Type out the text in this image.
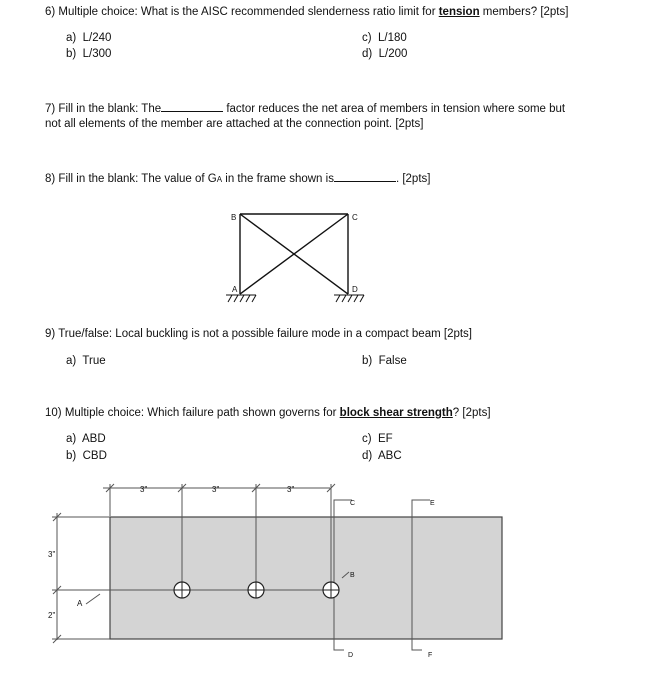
6) Multiple choice: What is the AISC recommended slenderness ratio limit for tension members? [2pts]
a) L/240
b) L/300
c) L/180
d) L/200
7) Fill in the blank: The	factor reduces the net area of members in tension where some but
not all elements of the member are attached at the connection point. [2pts]
8) Fill in the blank: The value of GA in the frame shown is	. [2pts]
B	C
A	D
9) True/false: Local buckling is not a possible failure mode in a compact beam [2pts]
a) True	b) False
10) Multiple choice: Which failure path shown governs for block shear strength? [2pts]
a) ABD
b) CBD
c) EF
d) ABC
3"	3"	3"
3"
2"
A
B
C
D
E
F
